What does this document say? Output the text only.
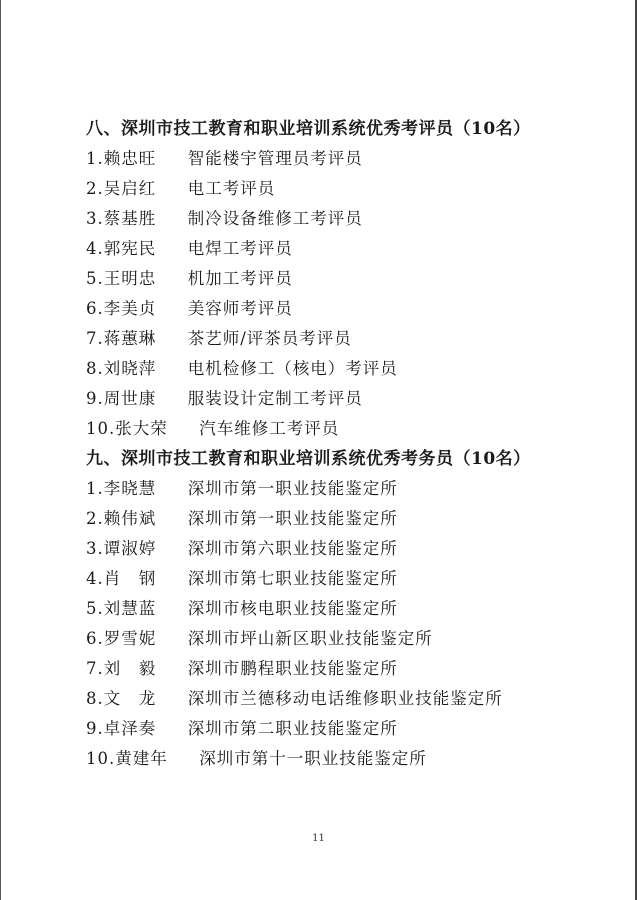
八、深圳市技工教育和职业培训系统优秀考评员（10名）
1.赖忠旺 智能楼宇管理员考评员
2.吴启红 电工考评员
3.蔡基胜 制冷设备维修工考评员
4.郭宪民 电焊工考评员
5.王明忠 机加工考评员
6.李美贞 美容师考评员
7.蒋蕙琳 茶艺师/评茶员考评员
8.刘晓萍 电机检修工（核电）考评员
9.周世康 服装设计定制工考评员
10.张大荣 汽车维修工考评员
九、深圳市技工教育和职业培训系统优秀考务员（10名）
1.李晓慧 深圳市第一职业技能鉴定所
2.赖伟斌 深圳市第一职业技能鉴定所
3.谭淑婷 深圳市第六职业技能鉴定所
4.肖　钢 深圳市第七职业技能鉴定所
5.刘慧蓝 深圳市核电职业技能鉴定所
6.罗雪妮 深圳市坪山新区职业技能鉴定所
7.刘　毅 深圳市鹏程职业技能鉴定所
8.文　龙 深圳市兰德移动电话维修职业技能鉴定所
9.卓泽奏 深圳市第二职业技能鉴定所
10.黄建年 深圳市第十一职业技能鉴定所
11
